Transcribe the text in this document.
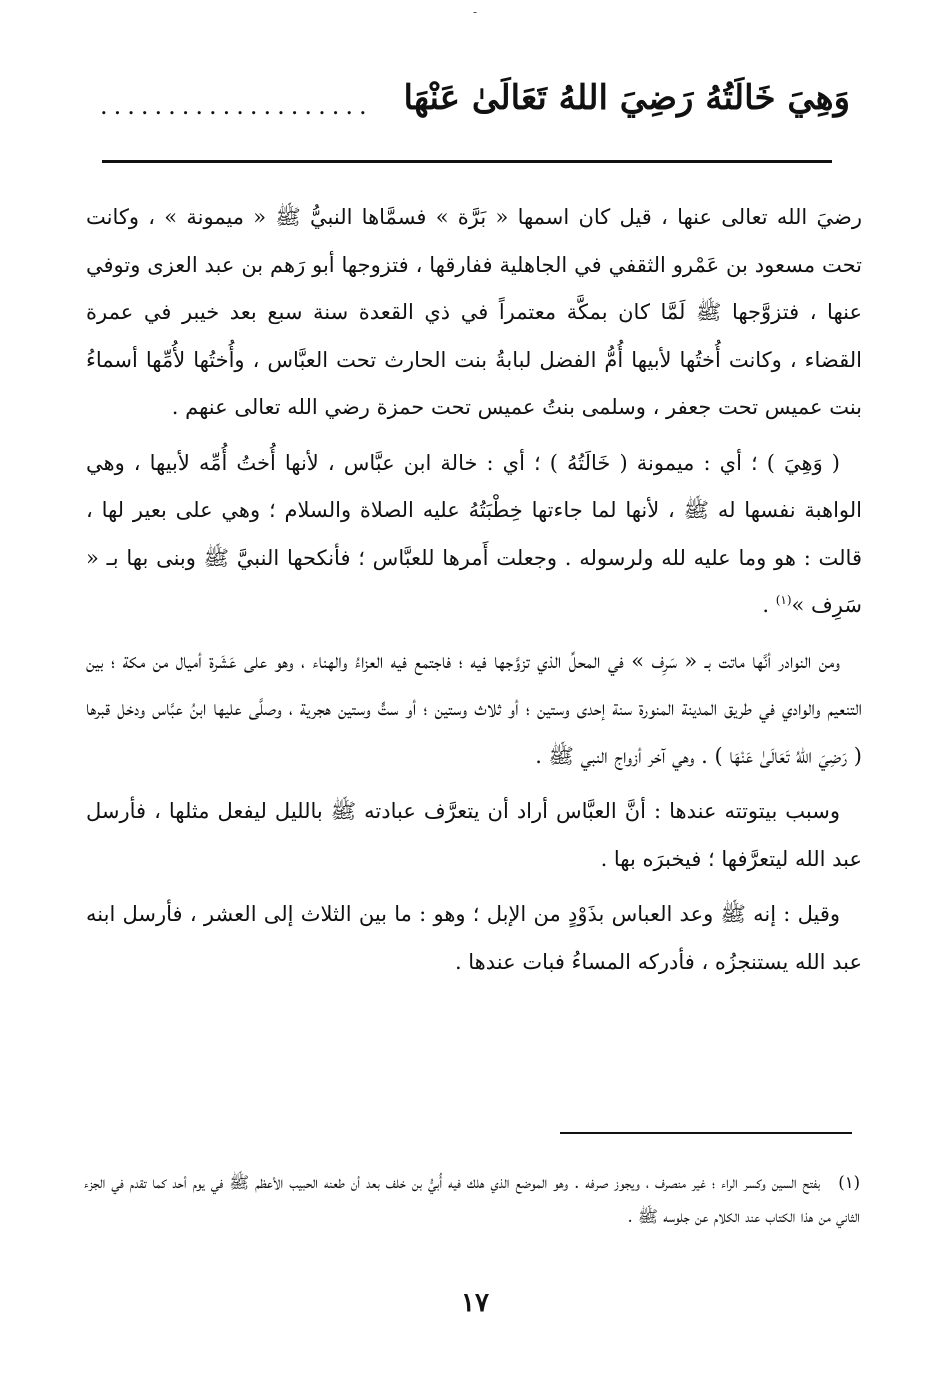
-
وَهِيَ خَالَتُهُ رَضِيَ اللهُ تَعَالَىٰ عَنْهَا
....................

رضيَ الله تعالى عنها ، قيل كان اسمها « بَرَّة » فسمَّاها النبيُّ ﷺ « ميمونة » ، وكانت تحت مسعود بن عَمْرو الثقفي في الجاهلية ففارقها ، فتزوجها أبو رَهم بن عبد العزى وتوفي عنها ، فتزوَّجها ﷺ لَمَّا كان بمكَّة معتمراً في ذي القعدة سنة سبع بعد خيبر في عمرة القضاء ، وكانت أُختُها لأبيها أُمُّ الفضل لبابةُ بنت الحارث تحت العبَّاس ، وأُختُها لأُمِّها أسماءُ بنت عميس تحت جعفر ، وسلمى بنتُ عميس تحت حمزة رضي الله تعالى عنهم .

( وَهِيَ ) ؛ أي : ميمونة ( خَالَتُهُ ) ؛ أي : خالة ابن عبَّاس ، لأنها أُختُ أُمِّه لأبيها ، وهي الواهبة نفسها له ﷺ ، لأنها لما جاءتها خِطْبَتُهُ عليه الصلاة والسلام ؛ وهي على بعير لها ، قالت : هو وما عليه لله ولرسوله . وجعلت أَمرها للعبَّاس ؛ فأنكحها النبيَّ ﷺ وبنى بها بـ « سَرِف »$^{(١)}$ .

ومن النوادر أنَّها ماتت بـ « سَرِف » في المحلِّ الذي تزوَّجها فيه ؛ فاجتمع فيه العزاءُ والهناء ، وهو على عَشَرة أميال من مكة ؛ بين التنعيم والوادي في طريق المدينة المنورة سنة إحدى وستين ؛ أو ثلاث وستين ؛ أو ستٍّ وستين هجرية ، وصلَّى عليها ابنُ عبَّاس ودخل قبرها ( رَضِيَ اللهُ تَعَالَىٰ عَنْهَا ) . وهي آخر أزواج النبي ﷺ .

وسبب بيتوتته عندها : أنَّ العبَّاس أراد أن يتعرَّف عبادته ﷺ بالليل ليفعل مثلها ، فأرسل عبد الله ليتعرَّفها ؛ فيخبرَه بها .

وقيل : إنه ﷺ وعد العباس بذَوْدٍ من الإبل ؛ وهو : ما بين الثلاث إلى العشر ، فأرسل ابنه عبد الله يستنجزُه ، فأدركه المساءُ فبات عندها .

(١)بفتح السين وكسر الراء ؛ غير منصرف ، ويجوز صرفه . وهو الموضع الذي هلك فيه أُبيُّ بن خلف بعد أن طعنه الحبيب الأعظم ﷺ في يوم أحد كما تقدم في الجزء الثاني من هذا الكتاب عند الكلام عن جلوسه ﷺ .
١٧
